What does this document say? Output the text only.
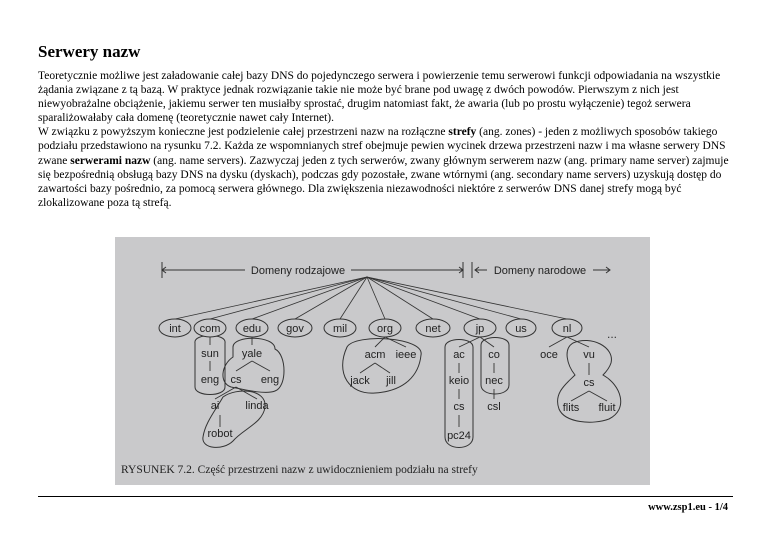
Serwery nazw

Teoretycznie możliwe jest załadowanie całej bazy DNS do pojedynczego serwera i powierzenie temu serwerowi funkcji odpowiadania na wszystkie żądania związane z tą bazą. W praktyce jednak rozwiązanie takie nie może być brane pod uwagę z dwóch powodów. Pierwszym z nich jest niewyobrażalne obciążenie, jakiemu serwer ten musiałby sprostać, drugim natomiast fakt, że awaria (lub po prostu wyłączenie) tegoż serwera sparaliżowałaby cała domenę (teoretycznie nawet cały Internet).

W związku z powyższym konieczne jest podzielenie całej przestrzeni nazw na rozłączne strefy (ang. zones) - jeden z możliwych sposobów takiego podziału przedstawiono na rysunku 7.2. Każda ze wspomnianych stref obejmuje pewien wycinek drzewa przestrzeni nazw i ma własne serwery DNS zwane serwerami nazw (ang. name servers). Zazwyczaj jeden z tych serwerów, zwany głównym serwerem nazw (ang. primary name server) zajmuje się bezpośrednią obsługą bazy DNS na dysku (dyskach), podczas gdy pozostałe, zwane wtórnymi (ang. secondary name servers) uzyskują dostęp do zawartości bazy pośrednio, za pomocą serwera głównego. Dla zwiększenia niezawodności niektóre z serwerów DNS danej strefy mogą być zlokalizowane poza tą strefą.

Domeny rodzajowe	Domeny narodowe
...
int com edu gov	mil	org	net	jp	us	nl
sun yale	acm ieee	ac co	oce vu
eng cs eng	jack jill	keio nec	cs
ai linda	cs csl	flits fluit
robot	pc24
RYSUNEK 7.2. Część przestrzeni nazw z uwidocznieniem podziału na strefy
www.zsp1.eu - 1/4
